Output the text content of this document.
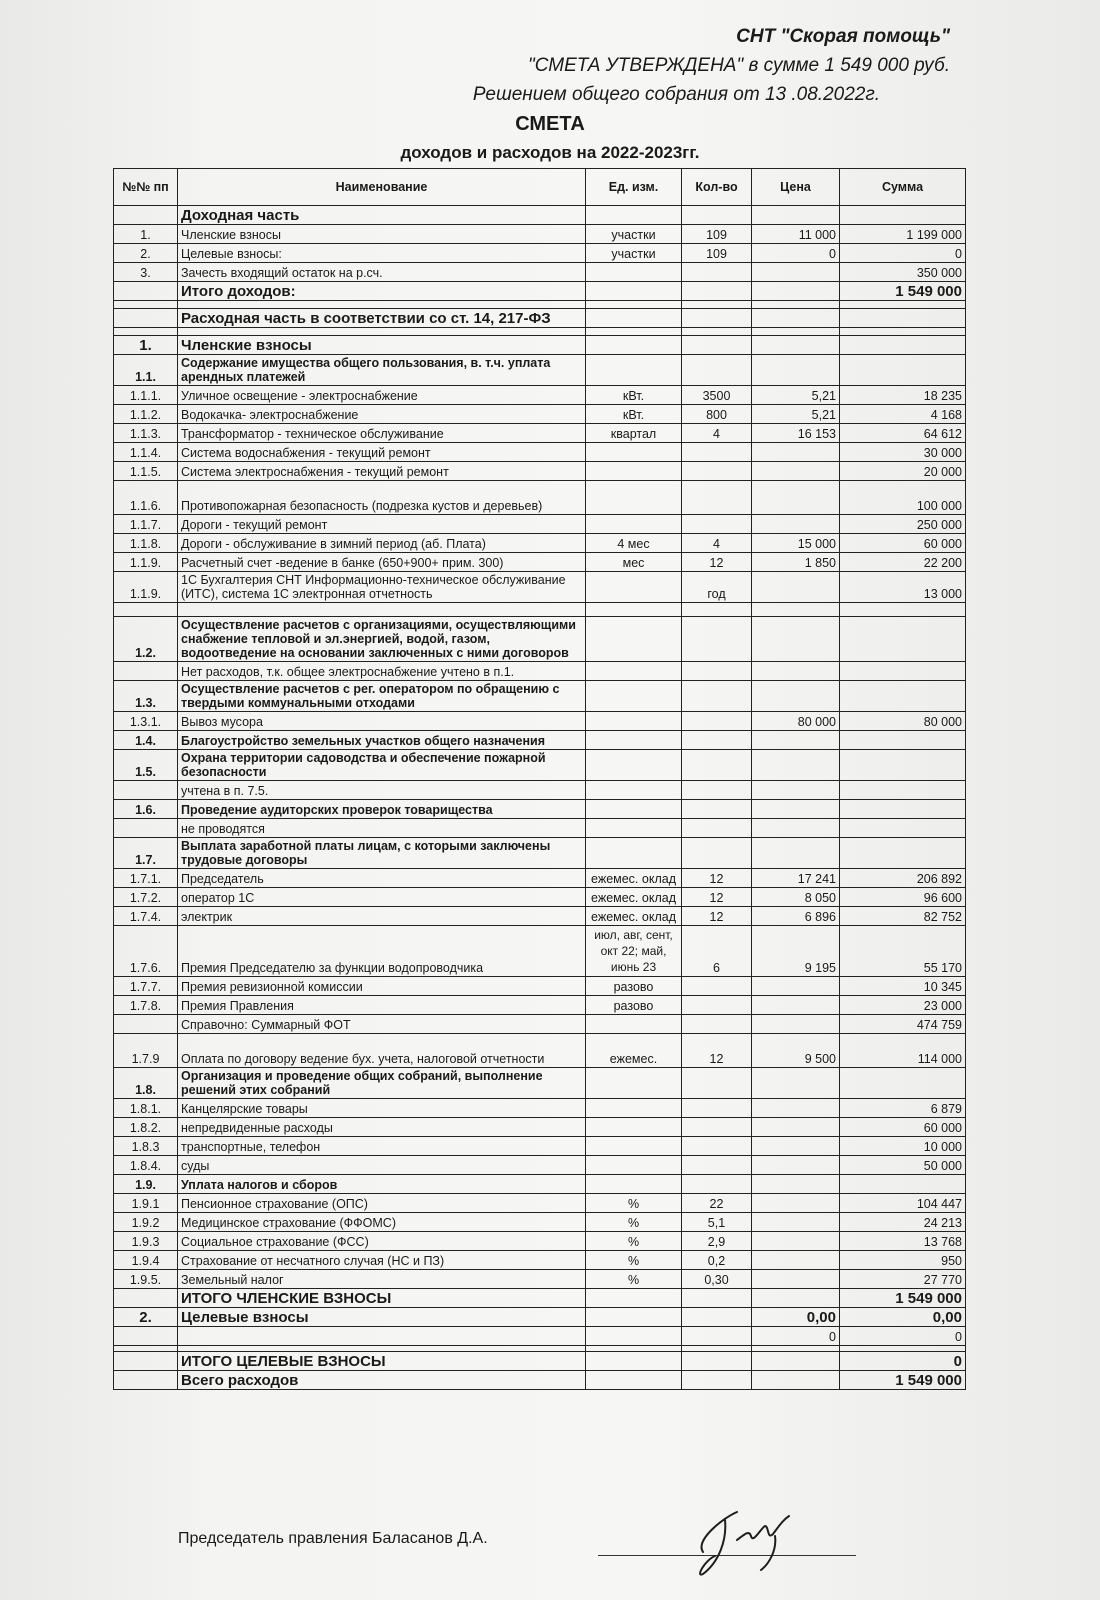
СНТ "Скорая помощь"
"СМЕТА УТВЕРЖДЕНА" в сумме 1 549 000 руб.
Решением общего собрания от 13 .08.2022г.
СМЕТА
доходов и расходов на 2022-2023гг.
№№ пп	Наименование	Ед. изм.	Кол-во	Цена	Сумма
	Доходная часть				
1.	Членские взносы	участки	109	11 000	1 199 000
2.	Целевые взносы:	участки	109	0	0
3.	Зачесть входящий остаток на р.сч.				350 000
	Итого доходов:				1 549 000

	Расходная часть в соответствии со ст. 14, 217-ФЗ				

1.	Членские взносы				
1.1.	Содержание имущества общего пользования, в. т.ч. уплата арендных платежей				
1.1.1.	Уличное освещение - электроснабжение	кВт.	3500	5,21	18 235
1.1.2.	Водокачка- электроснабжение	кВт.	800	5,21	4 168
1.1.3.	Трансформатор - техническое обслуживание	квартал	4	16 153	64 612
1.1.4.	Система водоснабжения - текущий ремонт				30 000
1.1.5.	Система электроснабжения - текущий ремонт				20 000
1.1.6.	Противопожарная безопасность (подрезка кустов и деревьев)				100 000
1.1.7.	Дороги - текущий ремонт				250 000
1.1.8.	Дороги - обслуживание в зимний период (аб. Плата)	4 мес	4	15 000	60 000
1.1.9.	Расчетный счет -ведение в банке (650+900+ прим. 300)	мес	12	1 850	22 200
1.1.9.	1С Бухгалтерия СНТ Информационно-техническое обслуживание (ИТС), система 1С электронная отчетность		год		13 000

1.2.	Осуществление расчетов с организациями, осуществляющими снабжение тепловой и эл.энергией, водой, газом, водоотведение на основании заключенных с ними договоров				
	Нет расходов, т.к. общее электроснабжение учтено в п.1.				
1.3.	Осуществление расчетов с рег. оператором по обращению с твердыми коммунальными отходами				
1.3.1.	Вывоз мусора			80 000	80 000
1.4.	Благоустройство земельных участков общего назначения				
1.5.	Охрана территории садоводства и обеспечение пожарной безопасности				
	учтена в п. 7.5.				
1.6.	Проведение аудиторских проверок товарищества				
	не проводятся				
1.7.	Выплата заработной платы лицам, с которыми заключены трудовые договоры				
1.7.1.	Председатель	ежемес. оклад	12	17 241	206 892
1.7.2.	оператор 1С	ежемес. оклад	12	8 050	96 600
1.7.4.	электрик	ежемес. оклад	12	6 896	82 752
1.7.6.	Премия Председателю за функции водопроводчика	июл, авг, сент, окт 22; май, июнь 23	6	9 195	55 170
1.7.7.	Премия ревизионной комиссии	разово			10 345
1.7.8.	Премия Правления	разово			23 000
	Справочно: Суммарный ФОТ				474 759
1.7.9	Оплата по договору ведение бух. учета, налоговой отчетности	ежемес.	12	9 500	114 000
1.8.	Организация и проведение общих собраний, выполнение решений этих собраний				
1.8.1.	Канцелярские товары				6 879
1.8.2.	непредвиденные расходы				60 000
1.8.3	транспортные, телефон				10 000
1.8.4.	суды				50 000
1.9.	Уплата налогов и сборов				
1.9.1	Пенсионное страхование (ОПС)	%	22		104 447
1.9.2	Медицинское страхование (ФФОМС)	%	5,1		24 213
1.9.3	Социальное страхование (ФСС)	%	2,9		13 768
1.9.4	Страхование от несчатного случая (НС и ПЗ)	%	0,2		950
1.9.5.	Земельный налог	%	0,30		27 770
	ИТОГО ЧЛЕНСКИЕ ВЗНОСЫ				1 549 000
2.	Целевые взносы			0,00	0,00
				0	0

	ИТОГО ЦЕЛЕВЫЕ ВЗНОСЫ				0
	Всего расходов				1 549 000
Председатель правления Баласанов Д.А.
